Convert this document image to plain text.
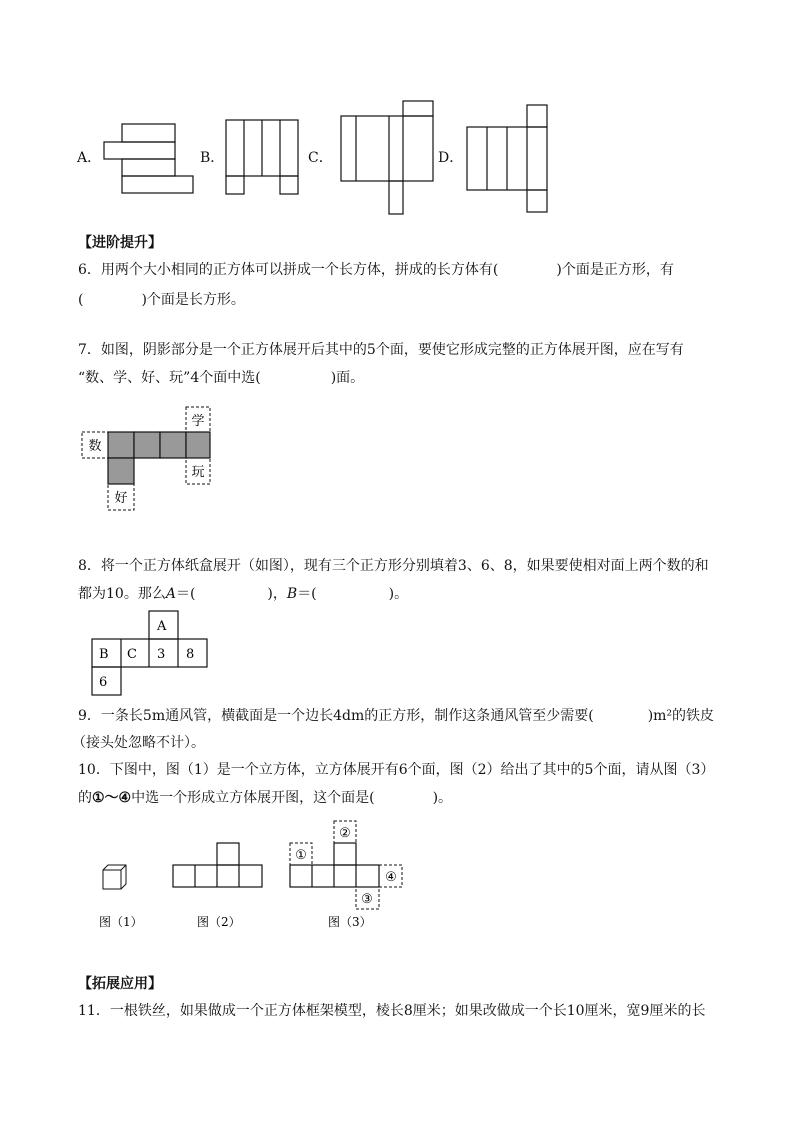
A．	B．	C．	D．
【进阶提升】
6．用两个大小相同的正方体可以拼成一个长方体，拼成的长方体有(	)个面是正方形，有
(	)个面是长方形。
7．如图，阴影部分是一个正方体展开后其中的5个面，要使它形成完整的正方体展开图，应在写有
“数、学、好、玩”4个面中选(	)面。
数
学
玩
好
8．将一个正方体纸盒展开（如图），现有三个正方形分别填着3、6、8，如果要使相对面上两个数的和
都为10。那么A＝(	)，B＝(	)。
A
B C 3 8
6
9．一条长5m通风管，横截面是一个边长4dm的正方形，制作这条通风管至少需要(	)m²的铁皮
（接头处忽略不计）。
10．下图中，图（1）是一个立方体，立方体展开有6个面，图（2）给出了其中的5个面，请从图（3）
的①～④中选一个形成立方体展开图，这个面是(	)。
①
②
③
④
图（1）	图（2）	图（3）
【拓展应用】
11．一根铁丝，如果做成一个正方体框架模型，棱长8厘米；如果改做成一个长10厘米，宽9厘米的长
